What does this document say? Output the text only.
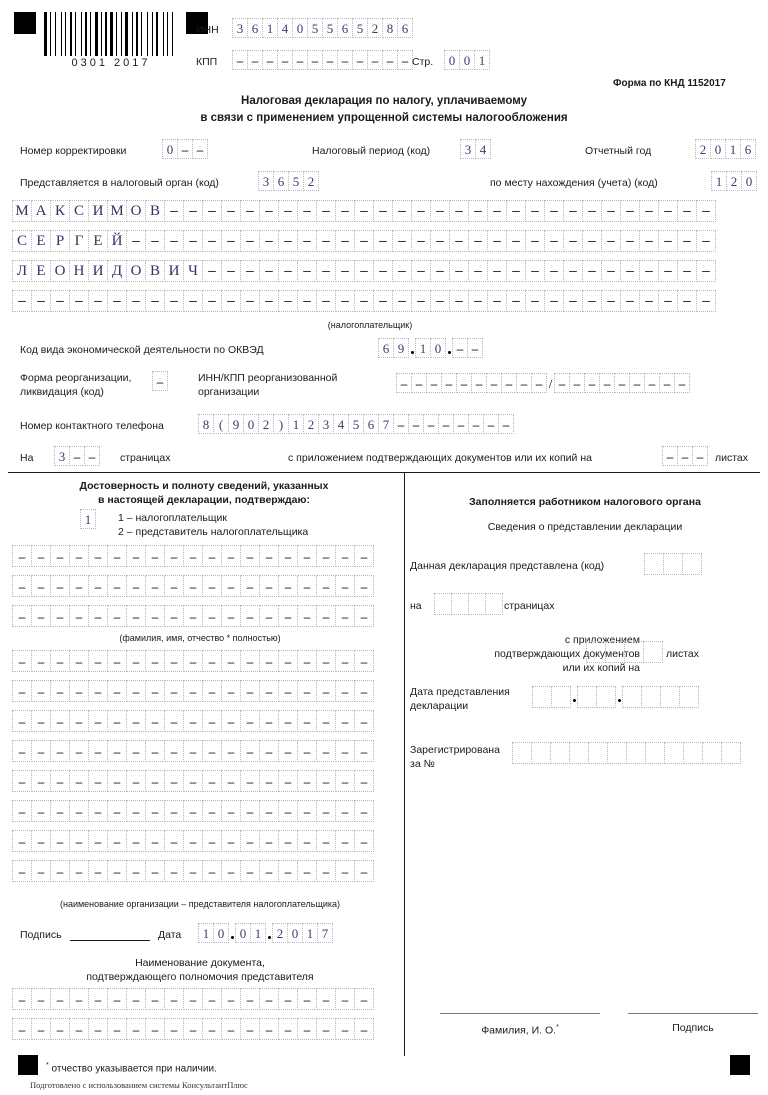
0301 2017
ИНН	3 6 1 4 0 5 5 6 5 2 8 6
КПП	– – – – – – – – – – – – Стр.	0 0 1
Форма по КНД 1152017
Налоговая декларация по налогу, уплачиваемому
в связи с применением упрощенной системы налогообложения
Номер корректировки	0 – –	Налоговый период (код)	3 4	Отчетный год	2 0 1 6
Представляется в налоговый орган (код)	3 6 5 2	по месту нахождения (учета) (код)	1 2 0
М А К С И М О В – – – – – – – – – – – – – – – – – – – – – – – – – – – – –
С Е Р Г Е Й – – – – – – – – – – – – – – – – – – – – – – – – – – – – – – –
Л Е О Н И Д О В И Ч – – – – – – – – – – – – – – – – – – – – – – – – – – –
– – – – – – – – – – – – – – – – – – – – – – – – – – – – – – – – – – – – –
(налогоплательщик)
Код вида экономической деятельности по ОКВЭД	6 9	1 0	– –
Форма реорганизации,
ликвидация (код)
–	ИНН/КПП реорганизованной
организации
– – – – – – – – – – / – – – – – – – – –
Номер контактного телефона	8 ( 9 0 2 ) 1 2 3 4 5 6 7 – – – – – – – –
На	3 – –	страницах	с приложением подтверждающих документов или их копий на	– – –	листах
Достоверность и полноту сведений, указанных
в настоящей декларации, подтверждаю:
1	1 – налогоплательщик
2 – представитель налогоплательщика
– – – – – – – – – – – – – – – – – – –
– – – – – – – – – – – – – – – – – – –
– – – – – – – – – – – – – – – – – – –
(фамилия, имя, отчество * полностью)
– – – – – – – – – – – – – – – – – – –
– – – – – – – – – – – – – – – – – – –
– – – – – – – – – – – – – – – – – – –
– – – – – – – – – – – – – – – – – – –
– – – – – – – – – – – – – – – – – – –
– – – – – – – – – – – – – – – – – – –
– – – – – – – – – – – – – – – – – – –
– – – – – – – – – – – – – – – – – – –
(наименование организации – представителя налогоплательщика)
Подпись	Дата	1 0	0 1	2 0 1 7
Наименование документа,
подтверждающего полномочия представителя
– – – – – – – – – – – – – – – – – – –
– – – – – – – – – – – – – – – – – – –
* отчество указывается при наличии.
Подготовлено с использованием системы КонсультантПлюс
Заполняется работником налогового органа
Сведения о представлении декларации
Данная декларация представлена (код)
на	страницах
с приложением
подтверждающих документов
или их копий на
листах
Дата представления
декларации
Зарегистрирована
за №
Фамилия, И. О.*	Подпись
